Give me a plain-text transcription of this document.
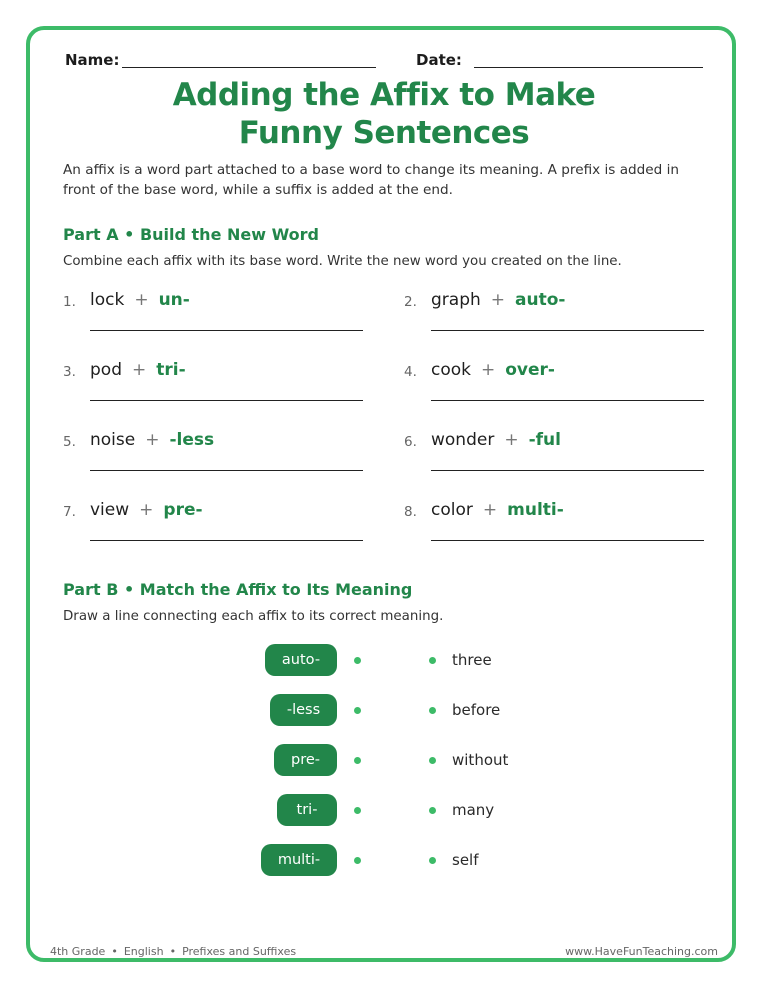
Name:	Date:
Adding the Affix to Make
Funny Sentences
An affix is a word part attached to a base word to change its meaning. A prefix is added in front of the base word, while a suffix is added at the end.
Part A • Build the New Word
Combine each affix with its base word. Write the new word you created on the line.
1. lock + un-	2. graph + auto-
3. pod + tri-	4. cook + over-
5. noise + -less	6. wonder + -ful
7. view + pre-	8. color + multi-
Part B • Match the Affix to Its Meaning
Draw a line connecting each affix to its correct meaning.
auto-	three
-less	before
pre-	without
tri-	many
multi-	self
4th Grade • English • Prefixes and Suffixes	www.HaveFunTeaching.com
